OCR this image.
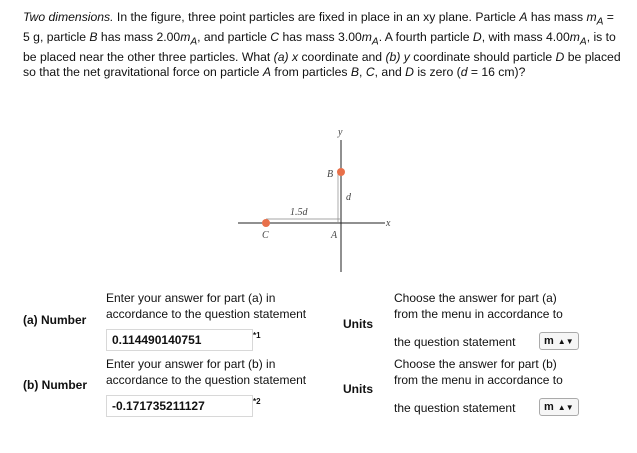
Two dimensions. In the figure, three point particles are fixed in place in an xy plane. Particle A has mass $m_A = 5$ g, particle B has mass $2.00m_A$, and particle C has mass $3.00m_A$. A fourth particle D, with mass $4.00m_A$, is to be placed near the other three particles. What (a) x coordinate and (b) y coordinate should particle D be placed so that the net gravitational force on particle A from particles B, C, and D is zero (d = 16 cm)?
y
x
1.5d
d
B
C	A
(a) Number
Enter your answer for part (a) in
accordance to the question statement
0.114490140751	*1
Units
Choose the answer for part (a)
from the menu in accordance to
the question statement	m ▲▼
(b) Number
Enter your answer for part (b) in
accordance to the question statement
-0.171735211127	*2
Units
Choose the answer for part (b)
from the menu in accordance to
the question statement	m ▲▼
